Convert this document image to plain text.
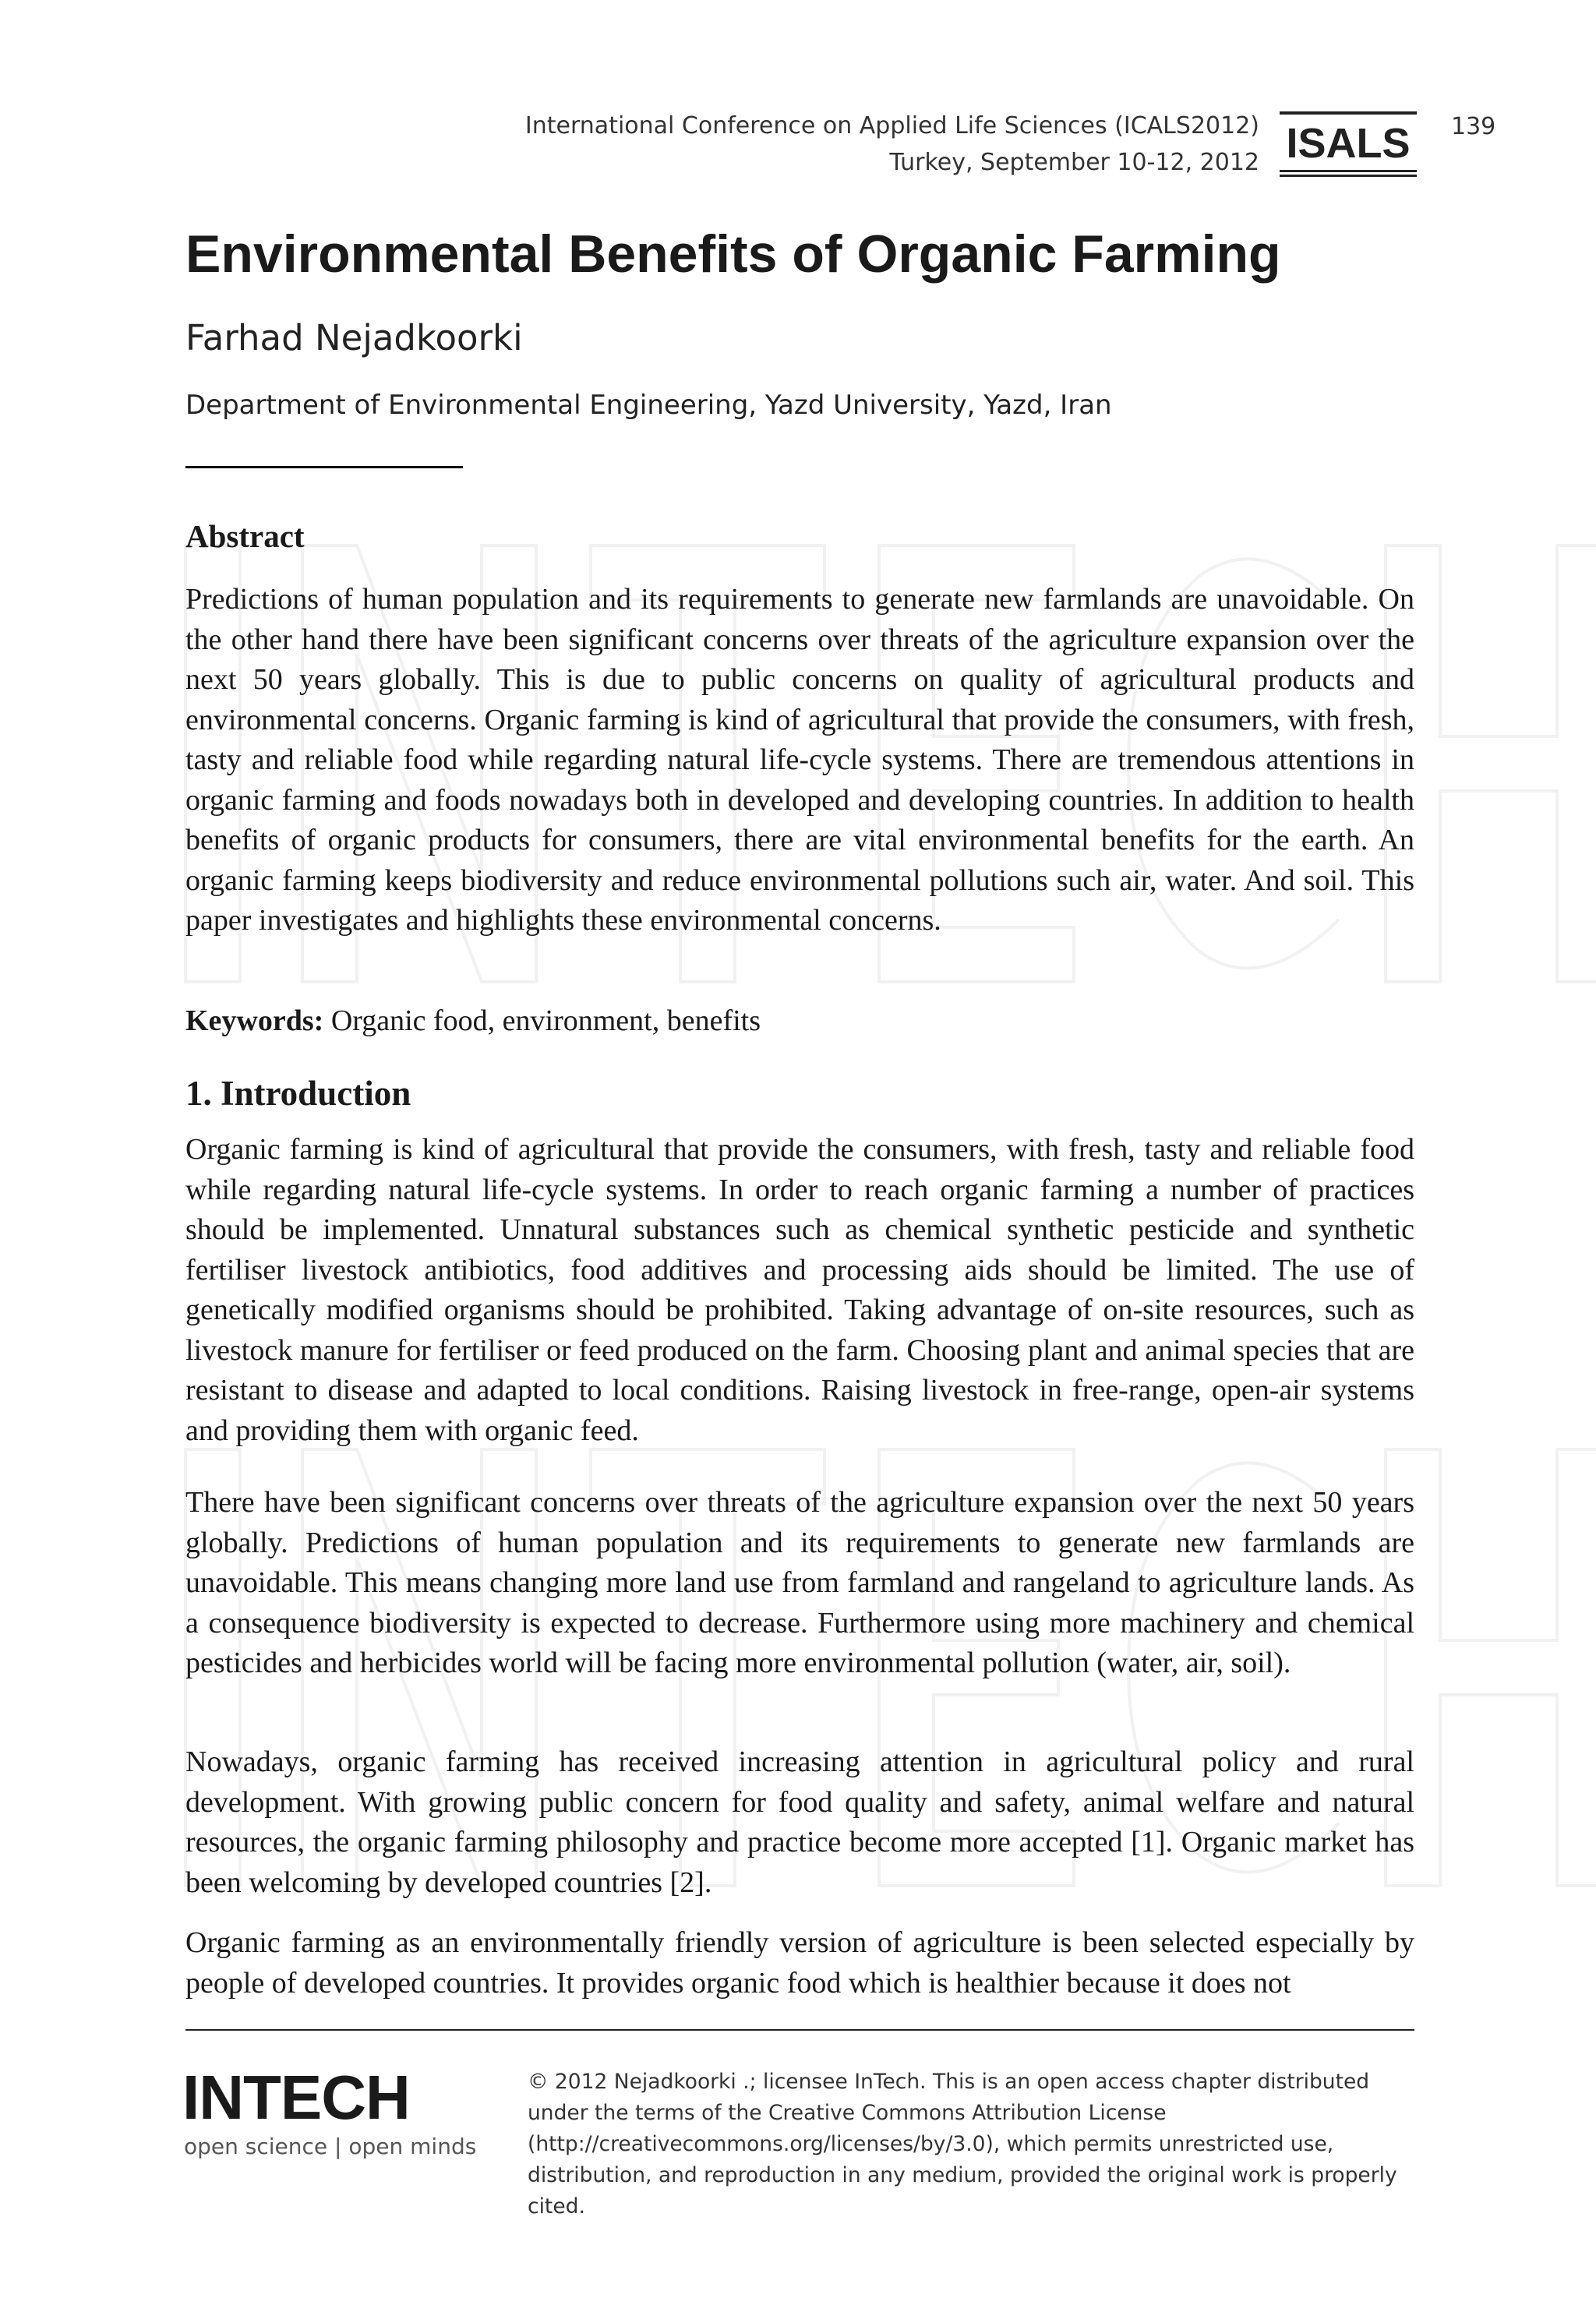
International Conference on Applied Life Sciences (ICALS2012)
Turkey, September 10-12, 2012 ISALS 139
Environmental Benefits of Organic Farming
Farhad Nejadkoorki
Department of Environmental Engineering, Yazd University, Yazd, Iran
Abstract

Predictions of human population and its requirements to generate new farmlands are unavoidable. On the other hand there have been significant concerns over threats of the agriculture expansion over the next 50 years globally. This is due to public concerns on quality of agricultural products and environmental concerns. Organic farming is kind of agricultural that provide the consumers, with fresh, tasty and reliable food while regarding natural life-cycle systems. There are tremendous attentions in organic farming and foods nowadays both in developed and developing countries. In addition to health benefits of organic products for consumers, there are vital environmental benefits for the earth. An organic farming keeps biodiversity and reduce environmental pollutions such air, water. And soil. This paper investigates and highlights these environmental concerns.

Keywords: Organic food, environment, benefits

1. Introduction

Organic farming is kind of agricultural that provide the consumers, with fresh, tasty and reliable food while regarding natural life-cycle systems. In order to reach organic farming a number of practices should be implemented. Unnatural substances such as chemical synthetic pesticide and synthetic fertiliser livestock antibiotics, food additives and processing aids should be limited. The use of genetically modified organisms should be prohibited. Taking advantage of on-site resources, such as livestock manure for fertiliser or feed produced on the farm. Choosing plant and animal species that are resistant to disease and adapted to local conditions. Raising livestock in free-range, open-air systems and providing them with organic feed.

There have been significant concerns over threats of the agriculture expansion over the next 50 years globally. Predictions of human population and its requirements to generate new farmlands are unavoidable. This means changing more land use from farmland and rangeland to agriculture lands. As a consequence biodiversity is expected to decrease. Furthermore using more machinery and chemical pesticides and herbicides world will be facing more environmental pollution (water, air, soil).

Nowadays, organic farming has received increasing attention in agricultural policy and rural development. With growing public concern for food quality and safety, animal welfare and natural resources, the organic farming philosophy and practice become more accepted [1]. Organic market has been welcoming by developed countries [2].

Organic farming as an environmentally friendly version of agriculture is been selected especially by people of developed countries. It provides organic food which is healthier because it does not

INTECH
open science | open minds
© 2012 Nejadkoorki .; licensee InTech. This is an open access chapter distributed under the terms of the Creative Commons Attribution License (http://creativecommons.org/licenses/by/3.0), which permits unrestricted use, distribution, and reproduction in any medium, provided the original work is properly cited.
